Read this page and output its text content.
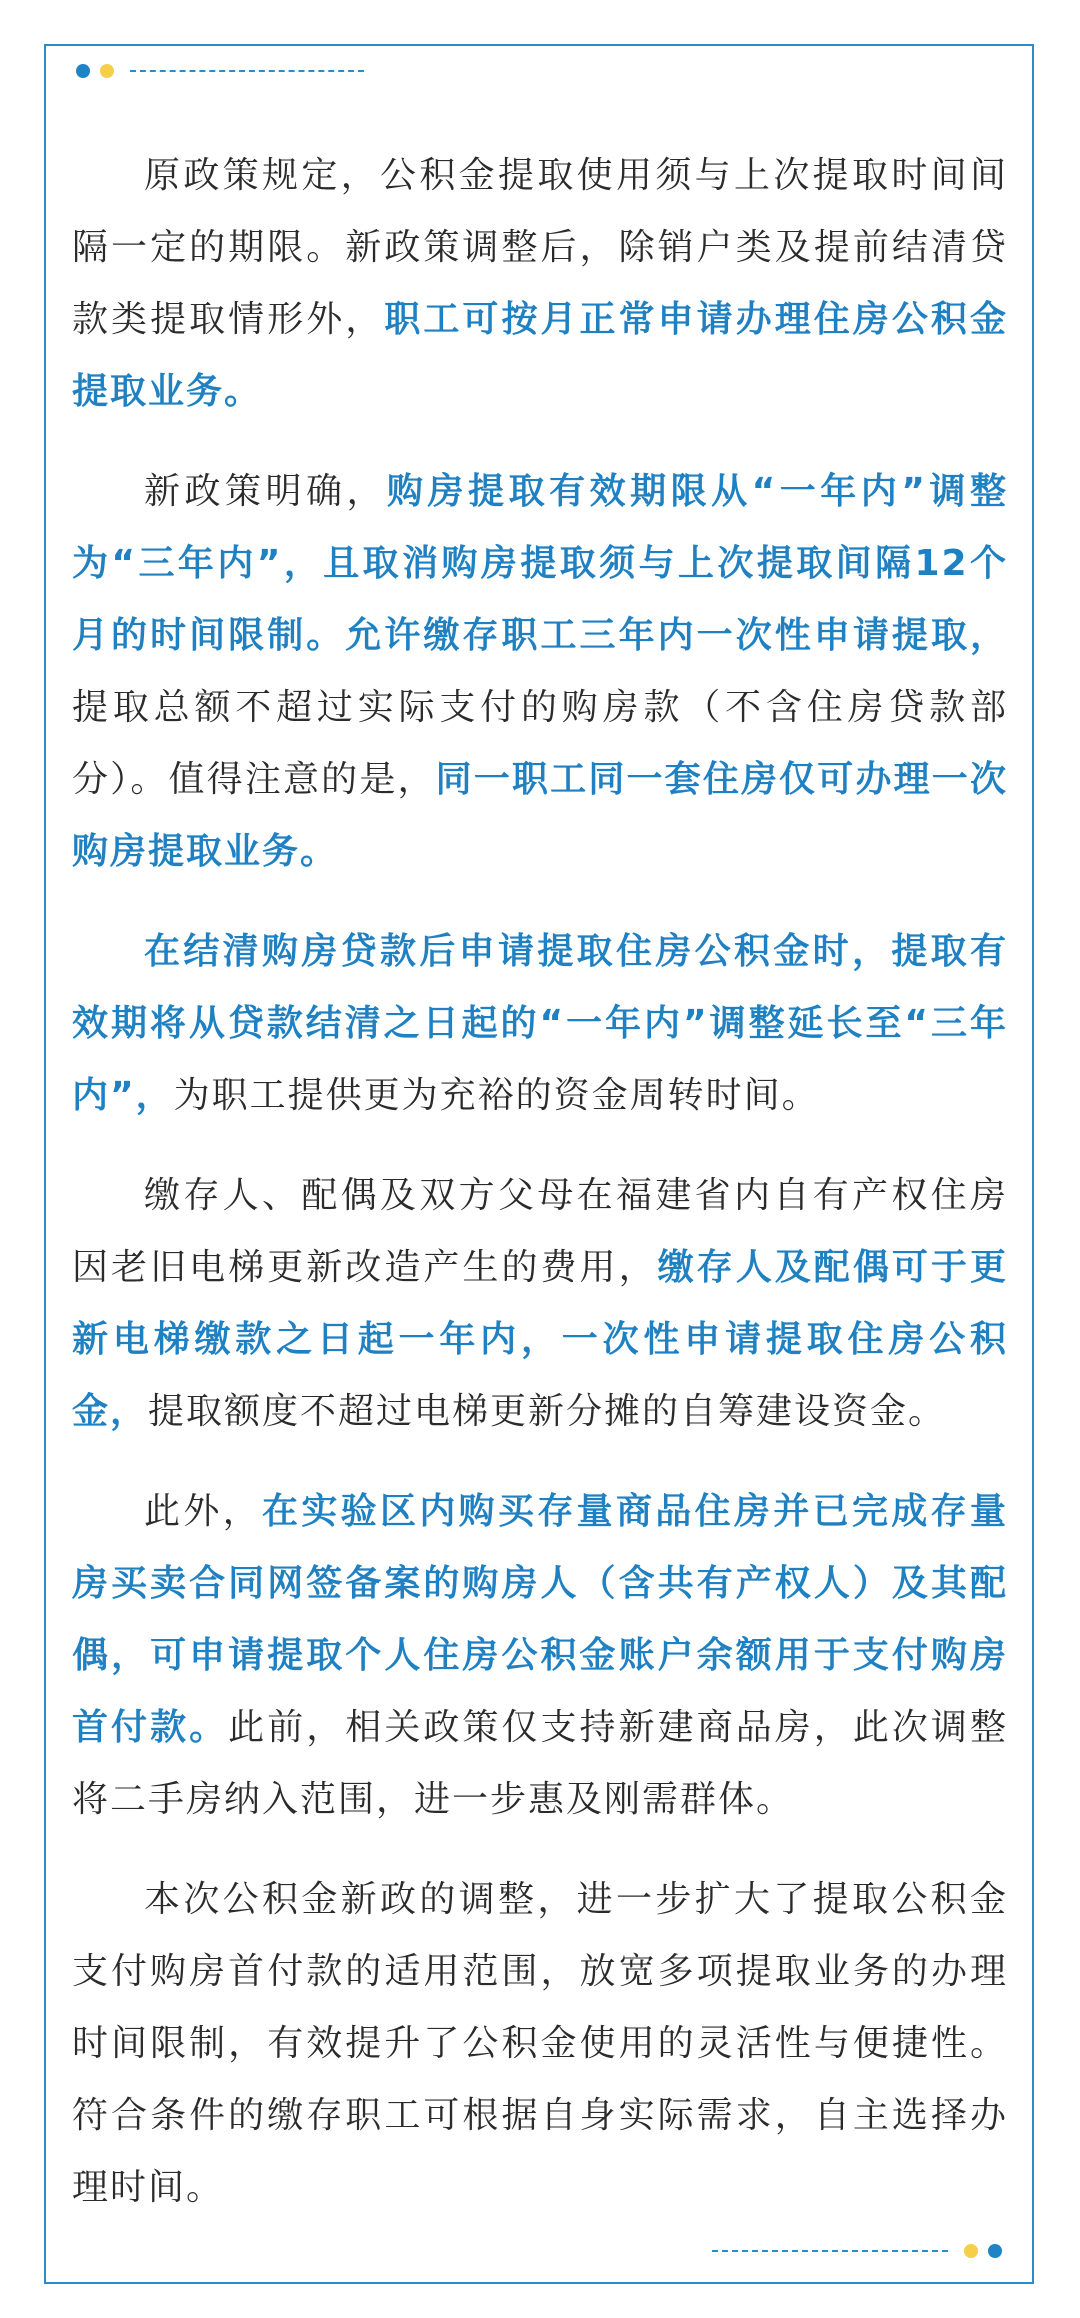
原政策规定，公积金提取使用须与上次提取时间间隔一定的期限。新政策调整后，除销户类及提前结清贷款类提取情形外，职工可按月正常申请办理住房公积金提取业务。

新政策明确，购房提取有效期限从“一年内”调整为“三年内”，且取消购房提取须与上次提取间隔12个月的时间限制。允许缴存职工三年内一次性申请提取，提取总额不超过实际支付的购房款（不含住房贷款部分）。值得注意的是，同一职工同一套住房仅可办理一次购房提取业务。

在结清购房贷款后申请提取住房公积金时，提取有效期将从贷款结清之日起的“一年内”调整延长至“三年内”，为职工提供更为充裕的资金周转时间。

缴存人、配偶及双方父母在福建省内自有产权住房因老旧电梯更新改造产生的费用，缴存人及配偶可于更新电梯缴款之日起一年内，一次性申请提取住房公积金，提取额度不超过电梯更新分摊的自筹建设资金。

此外，在实验区内购买存量商品住房并已完成存量房买卖合同网签备案的购房人（含共有产权人）及其配偶，可申请提取个人住房公积金账户余额用于支付购房首付款。此前，相关政策仅支持新建商品房，此次调整将二手房纳入范围，进一步惠及刚需群体。

本次公积金新政的调整，进一步扩大了提取公积金支付购房首付款的适用范围，放宽多项提取业务的办理时间限制，有效提升了公积金使用的灵活性与便捷性。符合条件的缴存职工可根据自身实际需求，自主选择办理时间。
